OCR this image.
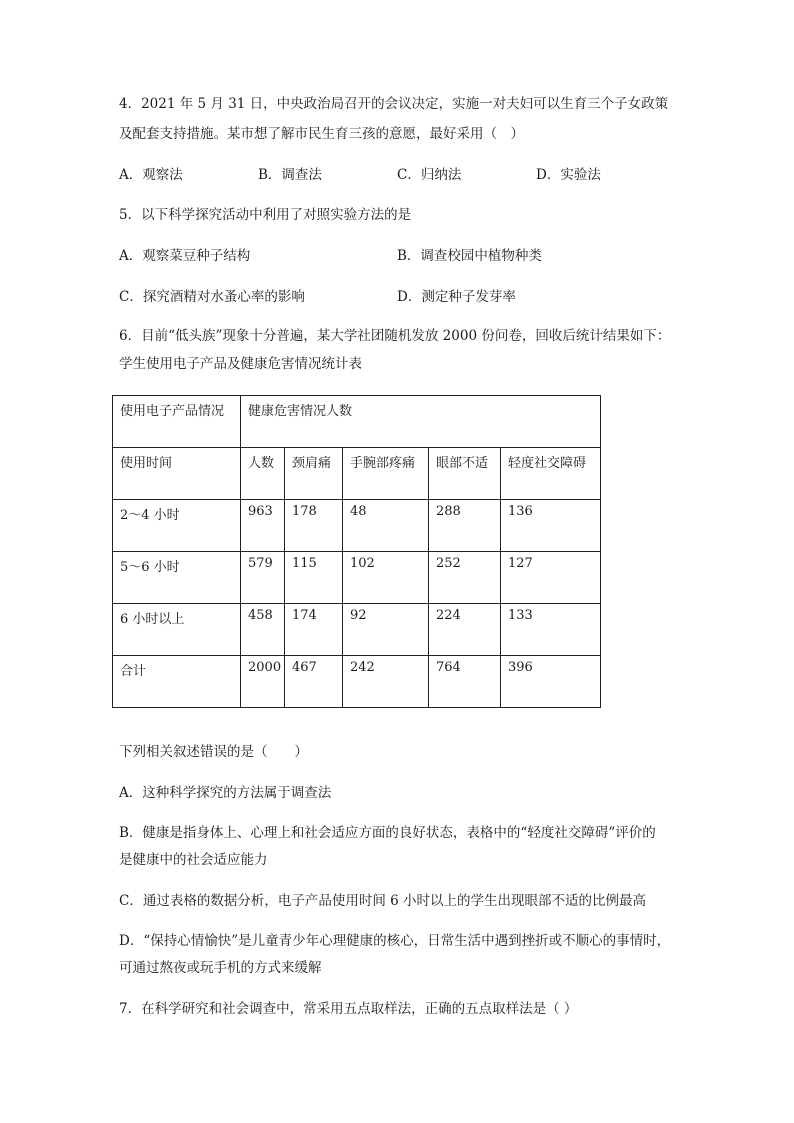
4．2021 年 5 月 31 日，中央政治局召开的会议决定，实施一对夫妇可以生育三个子女政策
及配套支持措施。某市想了解市民生育三孩的意愿，最好采用（　）
A．观察法	B．调查法	C．归纳法	D．实验法
5．以下科学探究活动中利用了对照实验方法的是
A．观察菜豆种子结构	B．调查校园中植物种类
C．探究酒精对水蚤心率的影响	D．测定种子发芽率
6．目前“低头族”现象十分普遍，某大学社团随机发放 2000 份问卷，回收后统计结果如下：
学生使用电子产品及健康危害情况统计表
使用电子产品情况	健康危害情况人数				
使用时间	人数	颈肩痛	手腕部疼痛	眼部不适	轻度社交障碍
2～4 小时	963	178	48	288	136
5～6 小时	579	115	102	252	127
6 小时以上	458	174	92	224	133
合计	2000	467	242	764	396
下列相关叙述错误的是（　　）
A．这种科学探究的方法属于调查法
B．健康是指身体上、心理上和社会适应方面的良好状态，表格中的“轻度社交障碍”评价的
是健康中的社会适应能力
C．通过表格的数据分析，电子产品使用时间 6 小时以上的学生出现眼部不适的比例最高
D．“保持心情愉快”是儿童青少年心理健康的核心，日常生活中遇到挫折或不顺心的事情时，
可通过熬夜或玩手机的方式来缓解
7．在科学研究和社会调查中，常采用五点取样法，正确的五点取样法是（ ）
